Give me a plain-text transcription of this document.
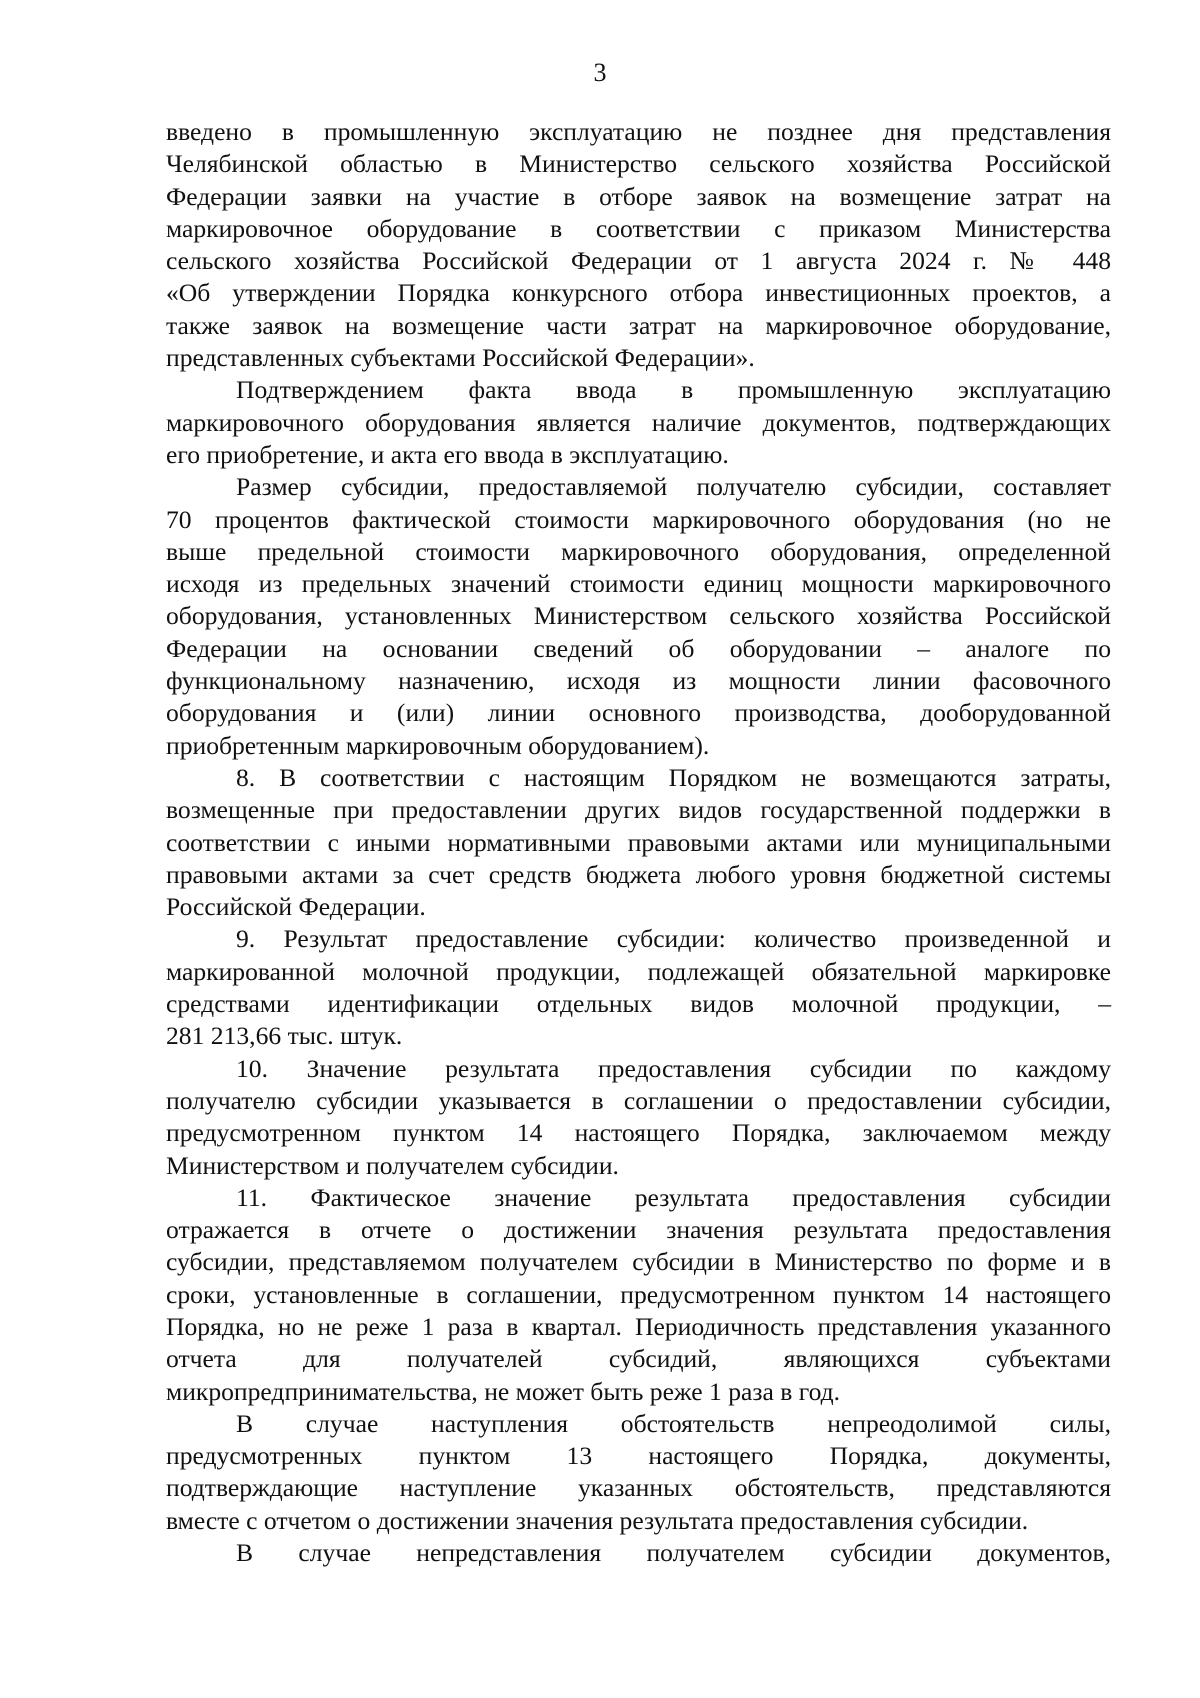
3
введено в промышленную эксплуатацию не позднее дня представления
Челябинской областью в Министерство сельского хозяйства Российской
Федерации заявки на участие в отборе заявок на возмещение затрат на
маркировочное оборудование в соответствии с приказом Министерства
сельского хозяйства Российской Федерации от 1 августа 2024 г. № 448
«Об утверждении Порядка конкурсного отбора инвестиционных проектов, а
также заявок на возмещение части затрат на маркировочное оборудование,
представленных субъектами Российской Федерации».
Подтверждением факта ввода в промышленную эксплуатацию
маркировочного оборудования является наличие документов, подтверждающих
его приобретение, и акта его ввода в эксплуатацию.
Размер субсидии, предоставляемой получателю субсидии, составляет
70 процентов фактической стоимости маркировочного оборудования (но не
выше предельной стоимости маркировочного оборудования, определенной
исходя из предельных значений стоимости единиц мощности маркировочного
оборудования, установленных Министерством сельского хозяйства Российской
Федерации на основании сведений об оборудовании – аналоге по
функциональному назначению, исходя из мощности линии фасовочного
оборудования и (или) линии основного производства, дооборудованной
приобретенным маркировочным оборудованием).
8. В соответствии с настоящим Порядком не возмещаются затраты,
возмещенные при предоставлении других видов государственной поддержки в
соответствии с иными нормативными правовыми актами или муниципальными
правовыми актами за счет средств бюджета любого уровня бюджетной системы
Российской Федерации.
9. Результат предоставление субсидии: количество произведенной и
маркированной молочной продукции, подлежащей обязательной маркировке
средствами идентификации отдельных видов молочной продукции, –
281 213,66 тыс. штук.
10. Значение результата предоставления субсидии по каждому
получателю субсидии указывается в соглашении о предоставлении субсидии,
предусмотренном пунктом 14 настоящего Порядка, заключаемом между
Министерством и получателем субсидии.
11. Фактическое значение результата предоставления субсидии
отражается в отчете о достижении значения результата предоставления
субсидии, представляемом получателем субсидии в Министерство по форме и в
сроки, установленные в соглашении, предусмотренном пунктом 14 настоящего
Порядка, но не реже 1 раза в квартал. Периодичность представления указанного
отчета для получателей субсидий, являющихся субъектами
микропредпринимательства, не может быть реже 1 раза в год.
В случае наступления обстоятельств непреодолимой силы,
предусмотренных пунктом 13 настоящего Порядка, документы,
подтверждающие наступление указанных обстоятельств, представляются
вместе с отчетом о достижении значения результата предоставления субсидии.
В случае непредставления получателем субсидии документов,
